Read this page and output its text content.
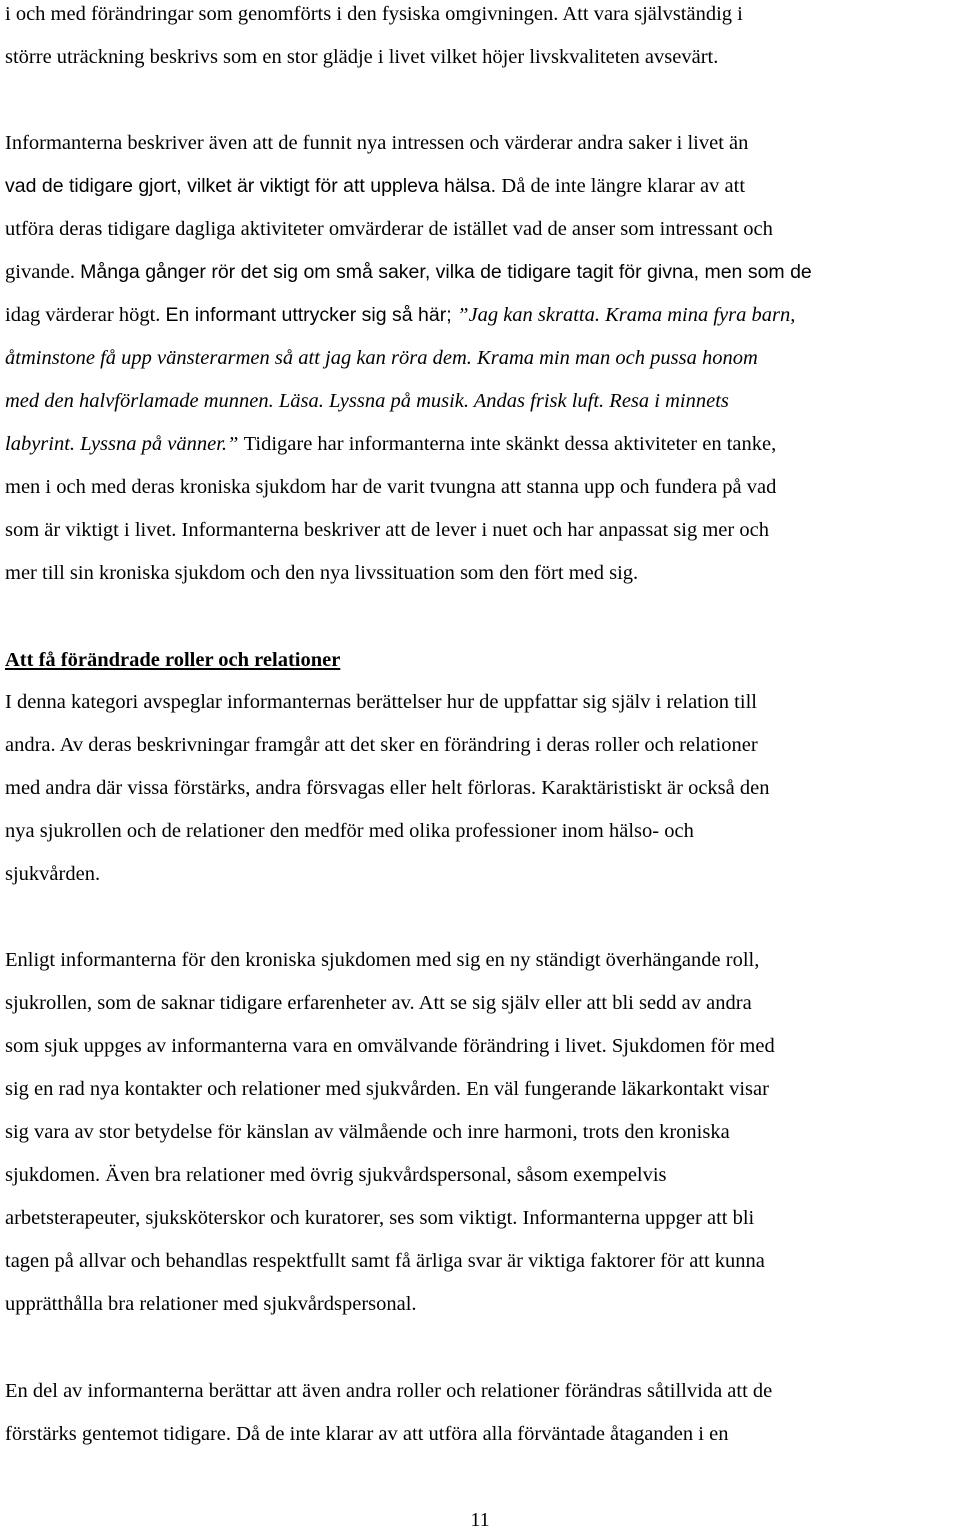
i och med förändringar som genomförts i den fysiska omgivningen. Att vara självständig i
större uträckning beskrivs som en stor glädje i livet vilket höjer livskvaliteten avsevärt.
Informanterna beskriver även att de funnit nya intressen och värderar andra saker i livet än
vad de tidigare gjort, vilket är viktigt för att uppleva hälsa. Då de inte längre klarar av att
utföra deras tidigare dagliga aktiviteter omvärderar de istället vad de anser som intressant och
givande. Många gånger rör det sig om små saker, vilka de tidigare tagit för givna, men som de
idag värderar högt. En informant uttrycker sig så här; ”Jag kan skratta. Krama mina fyra barn,
åtminstone få upp vänsterarmen så att jag kan röra dem. Krama min man och pussa honom
med den halvförlamade munnen. Läsa. Lyssna på musik. Andas frisk luft. Resa i minnets
labyrint. Lyssna på vänner.” Tidigare har informanterna inte skänkt dessa aktiviteter en tanke,
men i och med deras kroniska sjukdom har de varit tvungna att stanna upp och fundera på vad
som är viktigt i livet. Informanterna beskriver att de lever i nuet och har anpassat sig mer och
mer till sin kroniska sjukdom och den nya livssituation som den fört med sig.
Att få förändrade roller och relationer
I denna kategori avspeglar informanternas berättelser hur de uppfattar sig själv i relation till
andra. Av deras beskrivningar framgår att det sker en förändring i deras roller och relationer
med andra där vissa förstärks, andra försvagas eller helt förloras. Karaktäristiskt är också den
nya sjukrollen och de relationer den medför med olika professioner inom hälso- och
sjukvården.
Enligt informanterna för den kroniska sjukdomen med sig en ny ständigt överhängande roll,
sjukrollen, som de saknar tidigare erfarenheter av. Att se sig själv eller att bli sedd av andra
som sjuk uppges av informanterna vara en omvälvande förändring i livet. Sjukdomen för med
sig en rad nya kontakter och relationer med sjukvården. En väl fungerande läkarkontakt visar
sig vara av stor betydelse för känslan av välmående och inre harmoni, trots den kroniska
sjukdomen. Även bra relationer med övrig sjukvårdspersonal, såsom exempelvis
arbetsterapeuter, sjuksköterskor och kuratorer, ses som viktigt. Informanterna uppger att bli
tagen på allvar och behandlas respektfullt samt få ärliga svar är viktiga faktorer för att kunna
upprätthålla bra relationer med sjukvårdspersonal.
En del av informanterna berättar att även andra roller och relationer förändras såtillvida att de
förstärks gentemot tidigare. Då de inte klarar av att utföra alla förväntade åtaganden i en
11
